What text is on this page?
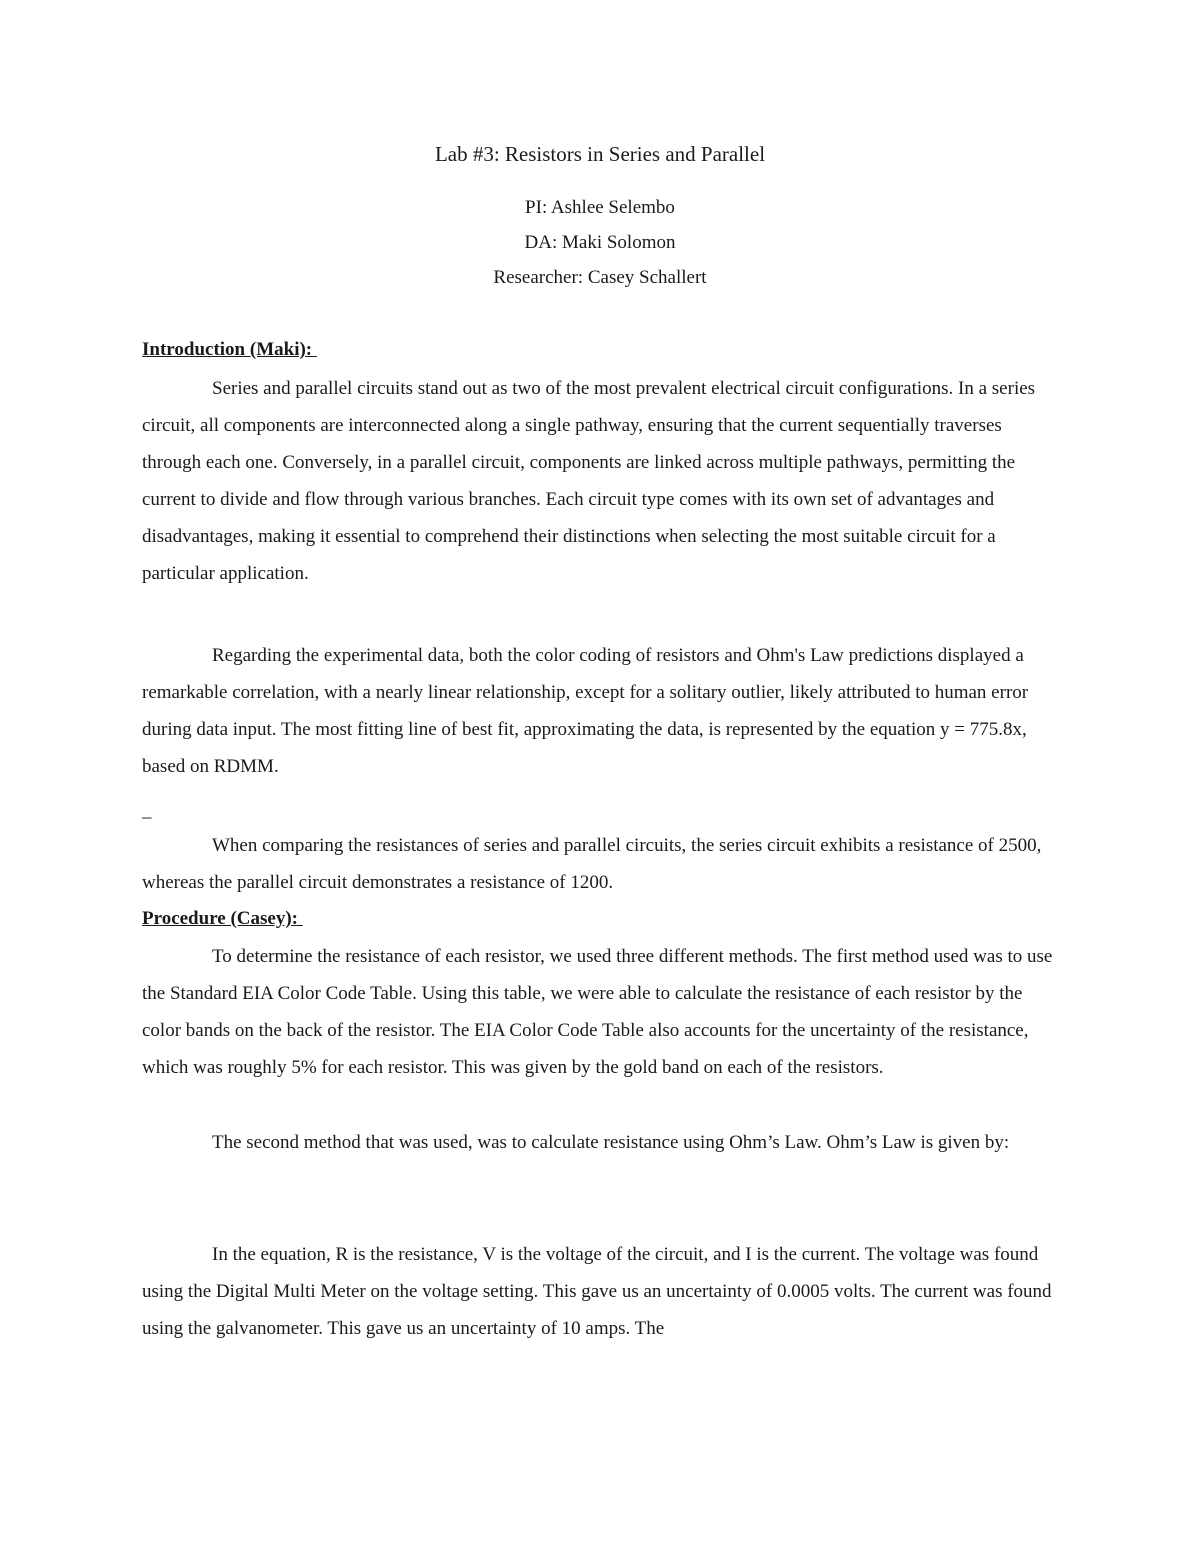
Lab #3: Resistors in Series and Parallel
PI: Ashlee Selembo
DA: Maki Solomon
Researcher: Casey Schallert
Introduction (Maki):

Series and parallel circuits stand out as two of the most prevalent electrical circuit configurations. In a series circuit, all components are interconnected along a single pathway, ensuring that the current sequentially traverses through each one. Conversely, in a parallel circuit, components are linked across multiple pathways, permitting the current to divide and flow through various branches. Each circuit type comes with its own set of advantages and disadvantages, making it essential to comprehend their distinctions when selecting the most suitable circuit for a particular application.

Regarding the experimental data, both the color coding of resistors and Ohm's Law predictions displayed a remarkable correlation, with a nearly linear relationship, except for a solitary outlier, likely attributed to human error during data input. The most fitting line of best fit, approximating the data, is represented by the equation y = 775.8x, based on RDMM.

_

When comparing the resistances of series and parallel circuits, the series circuit exhibits a resistance of 2500, whereas the parallel circuit demonstrates a resistance of 1200.

Procedure (Casey):

To determine the resistance of each resistor, we used three different methods. The first method used was to use the Standard EIA Color Code Table. Using this table, we were able to calculate the resistance of each resistor by the color bands on the back of the resistor. The EIA Color Code Table also accounts for the uncertainty of the resistance, which was roughly 5% for each resistor. This was given by the gold band on each of the resistors.

The second method that was used, was to calculate resistance using Ohm’s Law. Ohm’s Law is given by:

In the equation, R is the resistance, V is the voltage of the circuit, and I is the current. The voltage was found using the Digital Multi Meter on the voltage setting. This gave us an uncertainty of 0.0005 volts. The current was found using the galvanometer. This gave us an uncertainty of 10 amps. The
